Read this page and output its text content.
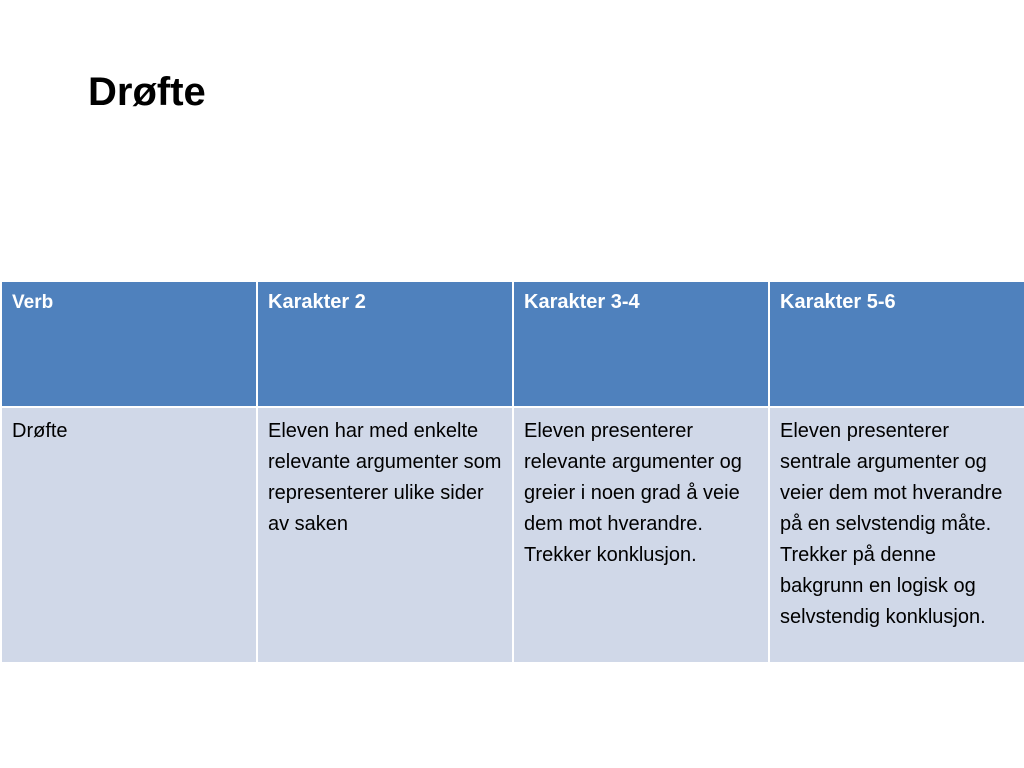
Drøfte
Verb	Karakter 2	Karakter 3-4	Karakter 5-6
Drøfte	Eleven har med enkelte relevante argumenter som representerer ulike sider av saken	Eleven presenterer relevante argumenter og greier i noen grad å veie dem mot hverandre. Trekker konklusjon.	Eleven presenterer sentrale argumenter og veier dem mot hverandre på en selvstendig måte. Trekker på denne bakgrunn en logisk og selvstendig konklusjon.
